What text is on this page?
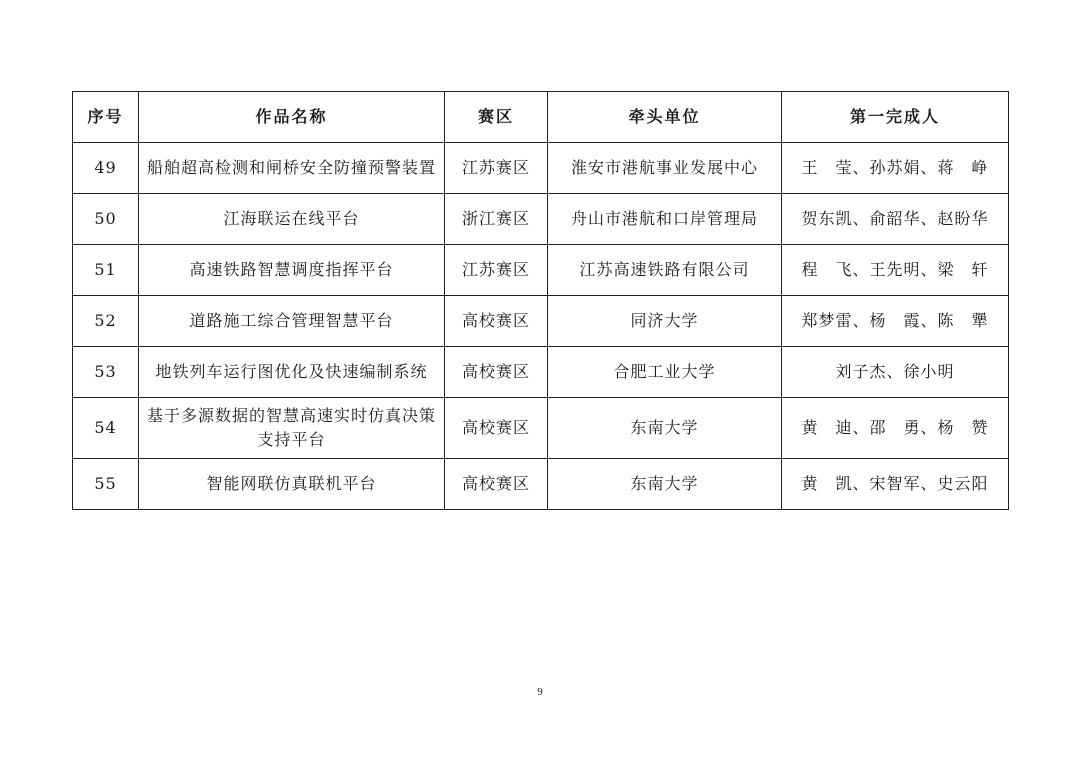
序号	作品名称	赛区	牵头单位	第一完成人
49	船舶超高检测和闸桥安全防撞预警装置	江苏赛区	淮安市港航事业发展中心	王　莹、孙苏娟、蒋　峥
50	江海联运在线平台	浙江赛区	舟山市港航和口岸管理局	贺东凯、俞韶华、赵盼华
51	高速铁路智慧调度指挥平台	江苏赛区	江苏高速铁路有限公司	程　飞、王先明、梁　轩
52	道路施工综合管理智慧平台	高校赛区	同济大学	郑梦雷、杨　霞、陈　犟
53	地铁列车运行图优化及快速编制系统	高校赛区	合肥工业大学	刘子杰、徐小明
54	基于多源数据的智慧高速实时仿真决策支持平台	高校赛区	东南大学	黄　迪、邵　勇、杨　赞
55	智能网联仿真联机平台	高校赛区	东南大学	黄　凯、宋智军、史云阳
9
